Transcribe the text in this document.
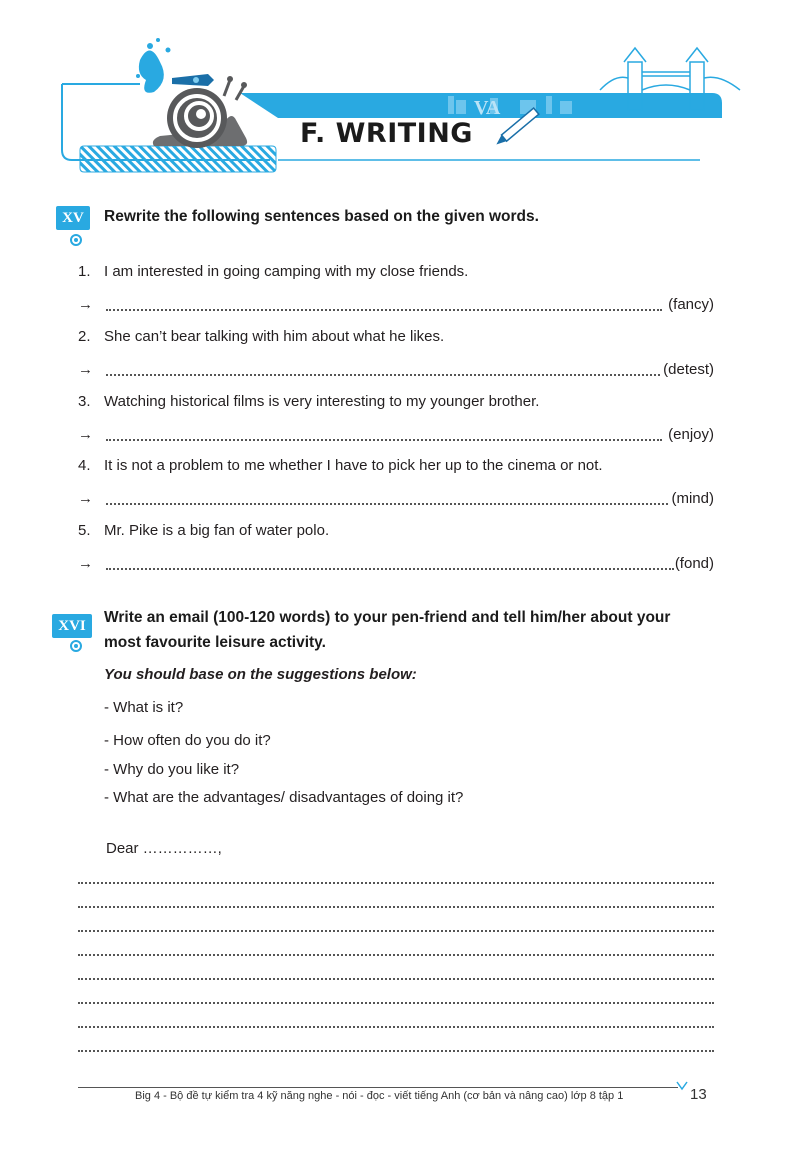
VA
F. WRITING
XV	Rewrite the following sentences based on the given words.
1. I am interested in going camping with my close friends.
→	(fancy)
2. She can’t bear talking with him about what he likes.
→	(detest)
3. Watching historical films is very interesting to my younger brother.
→	(enjoy)
4. It is not a problem to me whether I have to pick her up to the cinema or not.
→	(mind)
5. Mr. Pike is a big fan of water polo.
→	(fond)
XVI	Write an email (100-120 words) to your pen-friend and tell him/her about your
most favourite leisure activity.
You should base on the suggestions below:
- What is it?
- How often do you do it?
- Why do you like it?
- What are the advantages/ disadvantages of doing it?
Dear ……………,
Big 4 - Bộ đề tự kiểm tra 4 kỹ năng nghe - nói - đọc - viết tiếng Anh (cơ bản và nâng cao) lớp 8 tập 1	13
